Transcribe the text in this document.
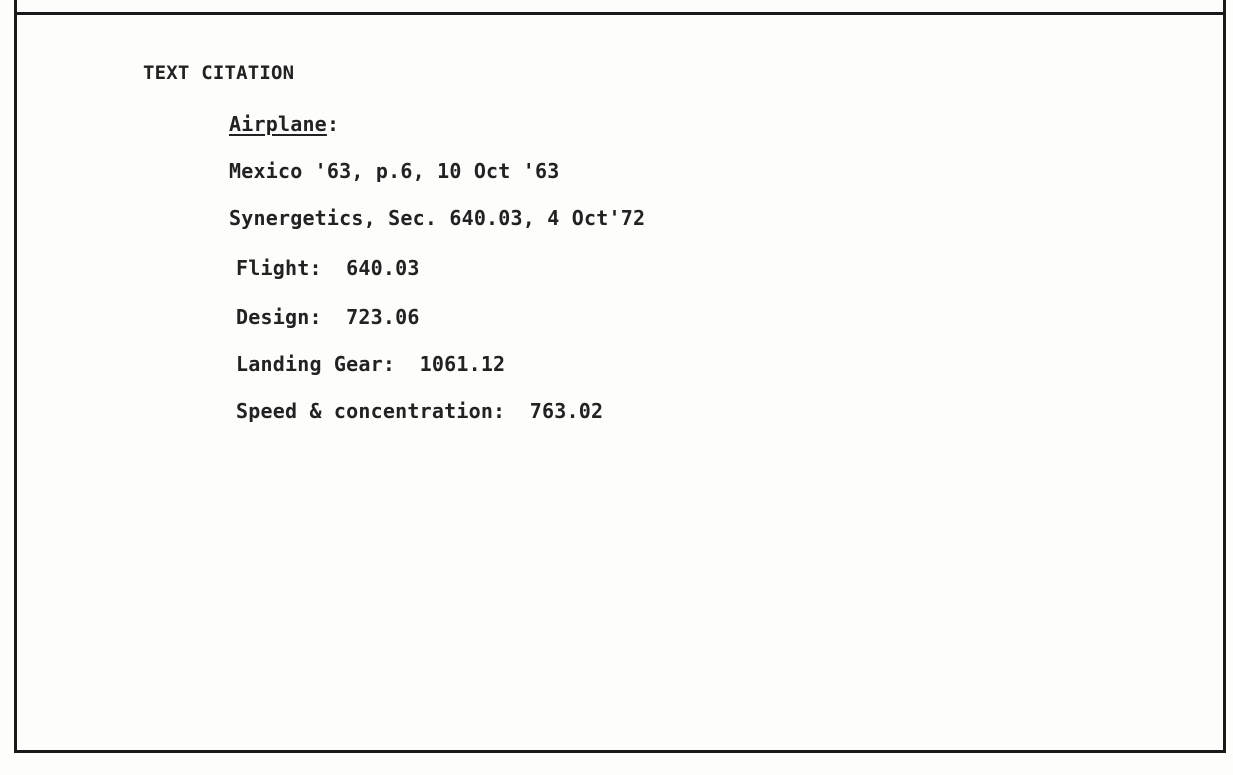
TEXT CITATION
Airplane:
Mexico '63, p.6, 10 Oct '63
Synergetics, Sec. 640.03, 4 Oct'72
Flight:  640.03
Design:  723.06
Landing Gear:  1061.12
Speed & concentration:  763.02
